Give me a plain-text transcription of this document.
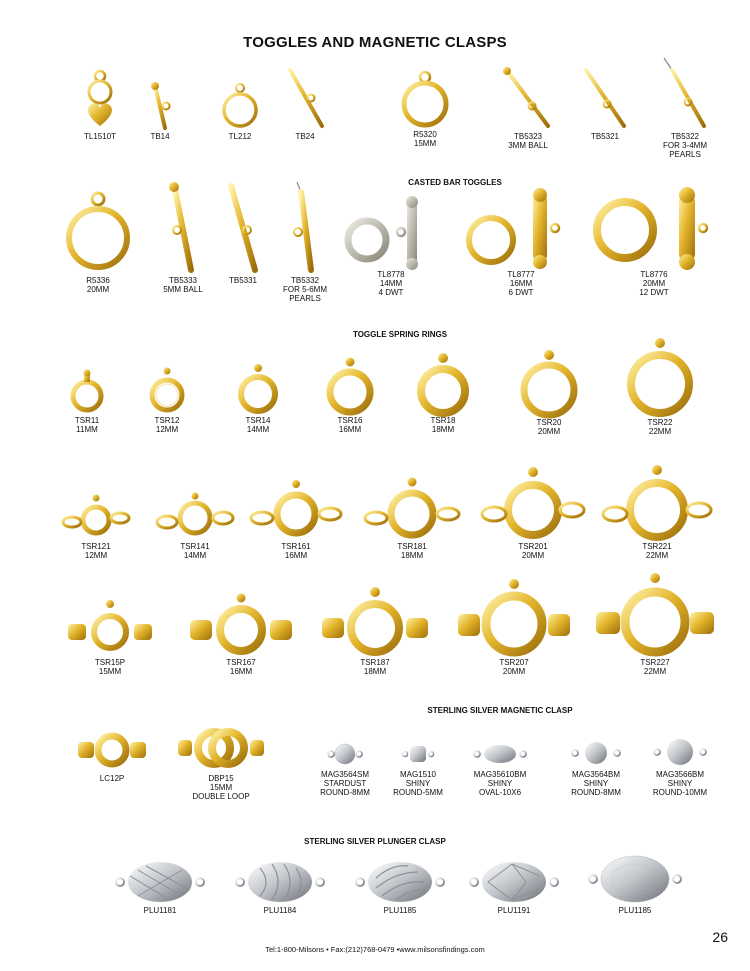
TOGGLES AND MAGNETIC CLASPS
TL1510T	TB14	TL212	TB24	R5320
15MM
TB5323
3MM BALL
TB5321	TB5322
FOR 3-4MM
PEARLS
CASTED BAR TOGGLES
R5336
20MM
TB5333
5MM BALL
TB5331	TB5332
FOR 5-6MM
PEARLS
TL8778
14MM
4 DWT
TL8777
16MM
6 DWT
TL8776
20MM
12 DWT
TOGGLE SPRING RINGS
TSR11
11MM
TSR12
12MM
TSR14
14MM
TSR16
16MM
TSR18
18MM
TSR20
20MM
TSR22
22MM
TSR121
12MM
TSR141
14MM
TSR161
16MM
TSR181
18MM
TSR201
20MM
TSR221
22MM
TSR15P
15MM
TSR167
16MM
TSR187
18MM
TSR207
20MM
TSR227
22MM
STERLING SILVER MAGNETIC CLASP
LC12P	DBP15
15MM
DOUBLE LOOP
MAG3564SM
STARDUST
ROUND-8MM
MAG1510
SHINY
ROUND-5MM
MAG35610BM
SHINY
OVAL-10X6
MAG3564BM
SHINY
ROUND-8MM
MAG3566BM
SHINY
ROUND-10MM
STERLING SILVER PLUNGER CLASP
PLU1181	PLU1184	PLU1185	PLU1191	PLU1185
26
Tel:1-800-Milsons • Fax:(212)768-0479 •www.milsonsfindings.com
